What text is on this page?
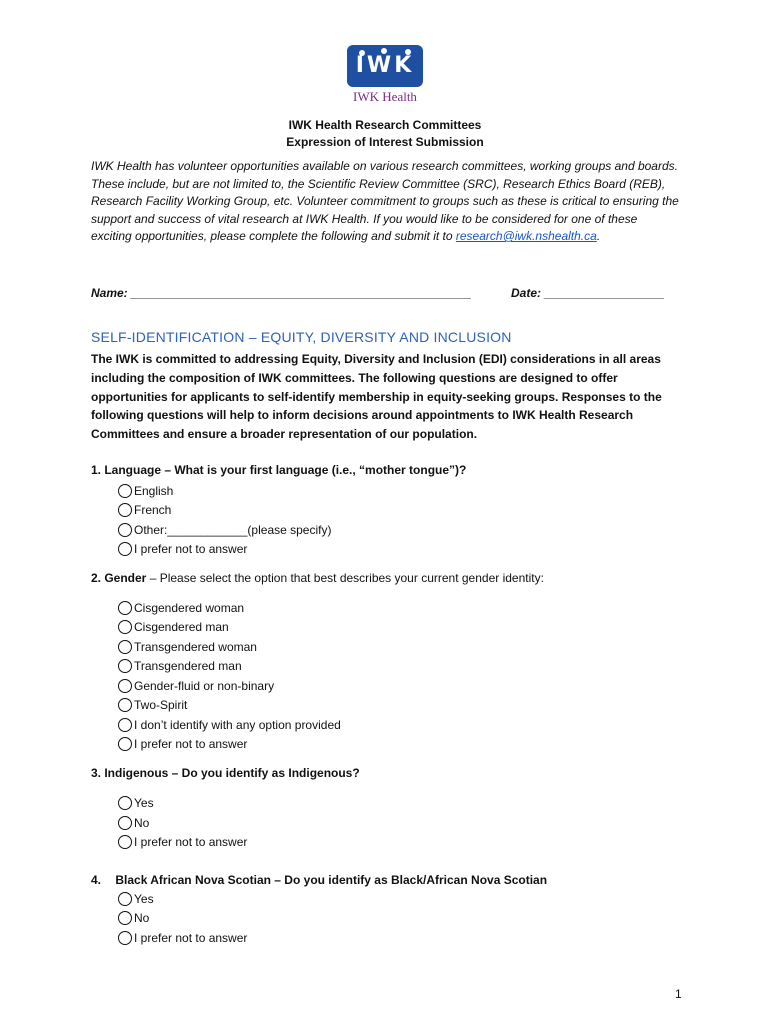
IWK
IWK Health
IWK Health Research Committees
Expression of Interest Submission
IWK Health has volunteer opportunities available on various research committees, working groups and boards. These include, but are not limited to, the Scientific Review Committee (SRC), Research Ethics Board (REB), Research Facility Working Group, etc. Volunteer commitment to groups such as these is critical to ensuring the support and success of vital research at IWK Health. If you would like to be considered for one of these exciting opportunities, please complete the following and submit it to research@iwk.nshealth.ca.
Name: ___________________________________________________	Date: __________________
SELF-IDENTIFICATION – EQUITY, DIVERSITY AND INCLUSION
The IWK is committed to addressing Equity, Diversity and Inclusion (EDI) considerations in all areas including the composition of IWK committees. The following questions are designed to offer opportunities for applicants to self-identify membership in equity-seeking groups. Responses to the following questions will help to inform decisions around appointments to IWK Health Research Committees and ensure a broader representation of our population.
1. Language – What is your first language (i.e., “mother tongue”)?
English
French
Other:____________(please specify)
I prefer not to answer
2. Gender – Please select the option that best describes your current gender identity:
Cisgendered woman
Cisgendered man
Transgendered woman
Transgendered man
Gender-fluid or non-binary
Two-Spirit
I don’t identify with any option provided
I prefer not to answer
3. Indigenous – Do you identify as Indigenous?
Yes
No
I prefer not to answer
4. Black African Nova Scotian – Do you identify as Black/African Nova Scotian
Yes
No
I prefer not to answer
1
